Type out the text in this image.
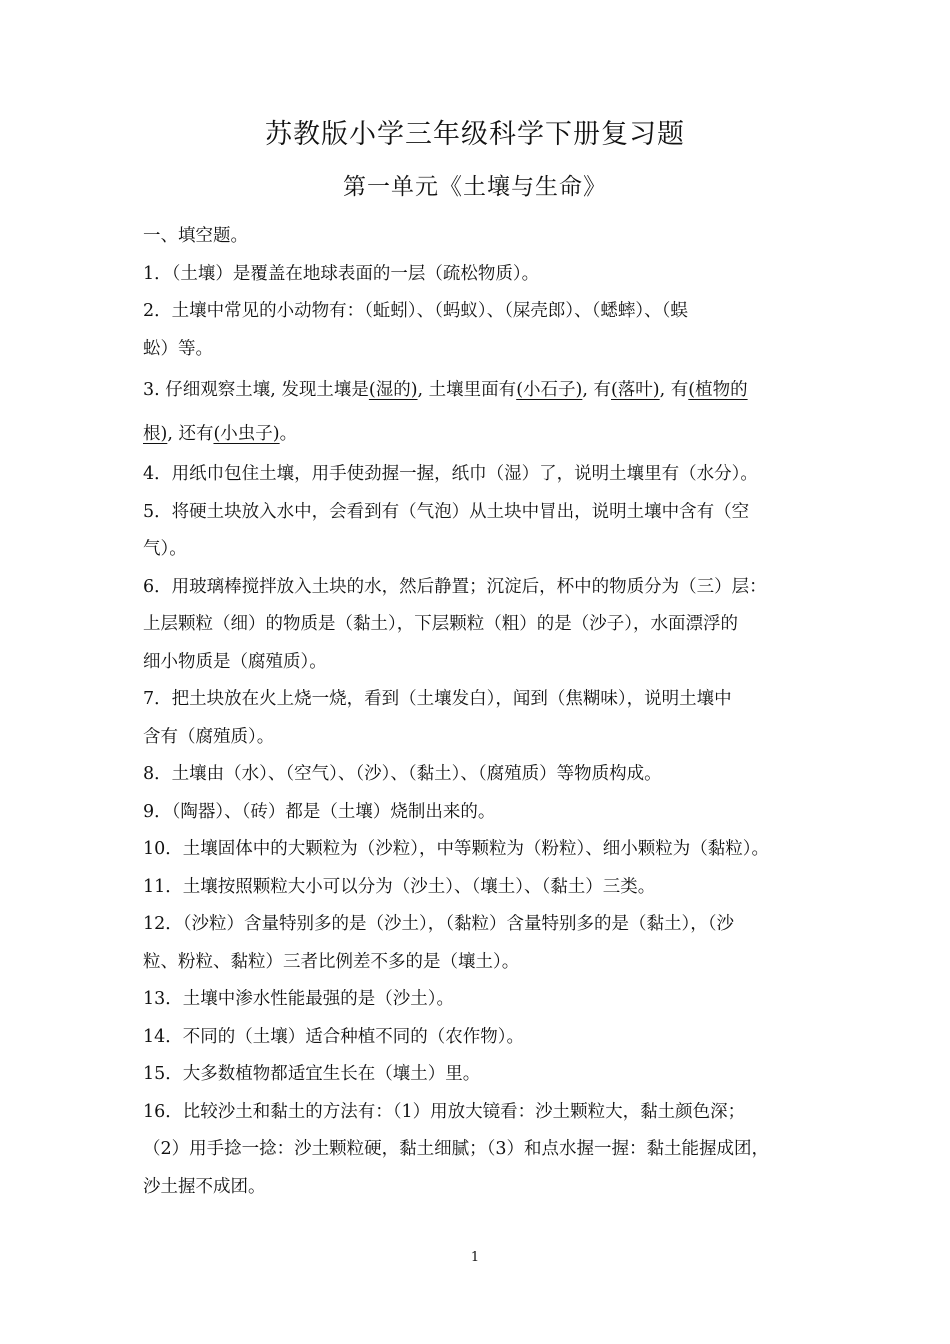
苏教版小学三年级科学下册复习题
第一单元《土壤与生命》
一、填空题。
1．（土壤）是覆盖在地球表面的一层（疏松物质）。
2．土壤中常见的小动物有：（蚯蚓）、（蚂蚁）、（屎壳郎）、（蟋蟀）、（蜈
蚣）等。
3. 仔细观察土壤, 发现土壤是(湿的), 土壤里面有(小石子), 有(落叶), 有(植物的
根), 还有(小虫子)。
4．用纸巾包住土壤，用手使劲握一握，纸巾（湿）了，说明土壤里有（水分）。
5．将硬土块放入水中，会看到有（气泡）从土块中冒出，说明土壤中含有（空
气）。
6．用玻璃棒搅拌放入土块的水，然后静置；沉淀后，杯中的物质分为（三）层：
上层颗粒（细）的物质是（黏土），下层颗粒（粗）的是（沙子），水面漂浮的
细小物质是（腐殖质）。
7．把土块放在火上烧一烧，看到（土壤发白），闻到（焦糊味），说明土壤中
含有（腐殖质）。
8．土壤由（水）、（空气）、（沙）、（黏土）、（腐殖质）等物质构成。
9．（陶器）、（砖）都是（土壤）烧制出来的。
10．土壤固体中的大颗粒为（沙粒），中等颗粒为（粉粒）、细小颗粒为（黏粒）。
11．土壤按照颗粒大小可以分为（沙土）、（壤土）、（黏土）三类。
12．（沙粒）含量特别多的是（沙土），（黏粒）含量特别多的是（黏土），（沙
粒、粉粒、黏粒）三者比例差不多的是（壤土）。
13．土壤中渗水性能最强的是（沙土）。
14．不同的（土壤）适合种植不同的（农作物）。
15．大多数植物都适宜生长在（壤土）里。
16．比较沙土和黏土的方法有：（1）用放大镜看：沙土颗粒大，黏土颜色深；
（2）用手捻一捻：沙土颗粒硬，黏土细腻；（3）和点水握一握：黏土能握成团，
沙土握不成团。
1
